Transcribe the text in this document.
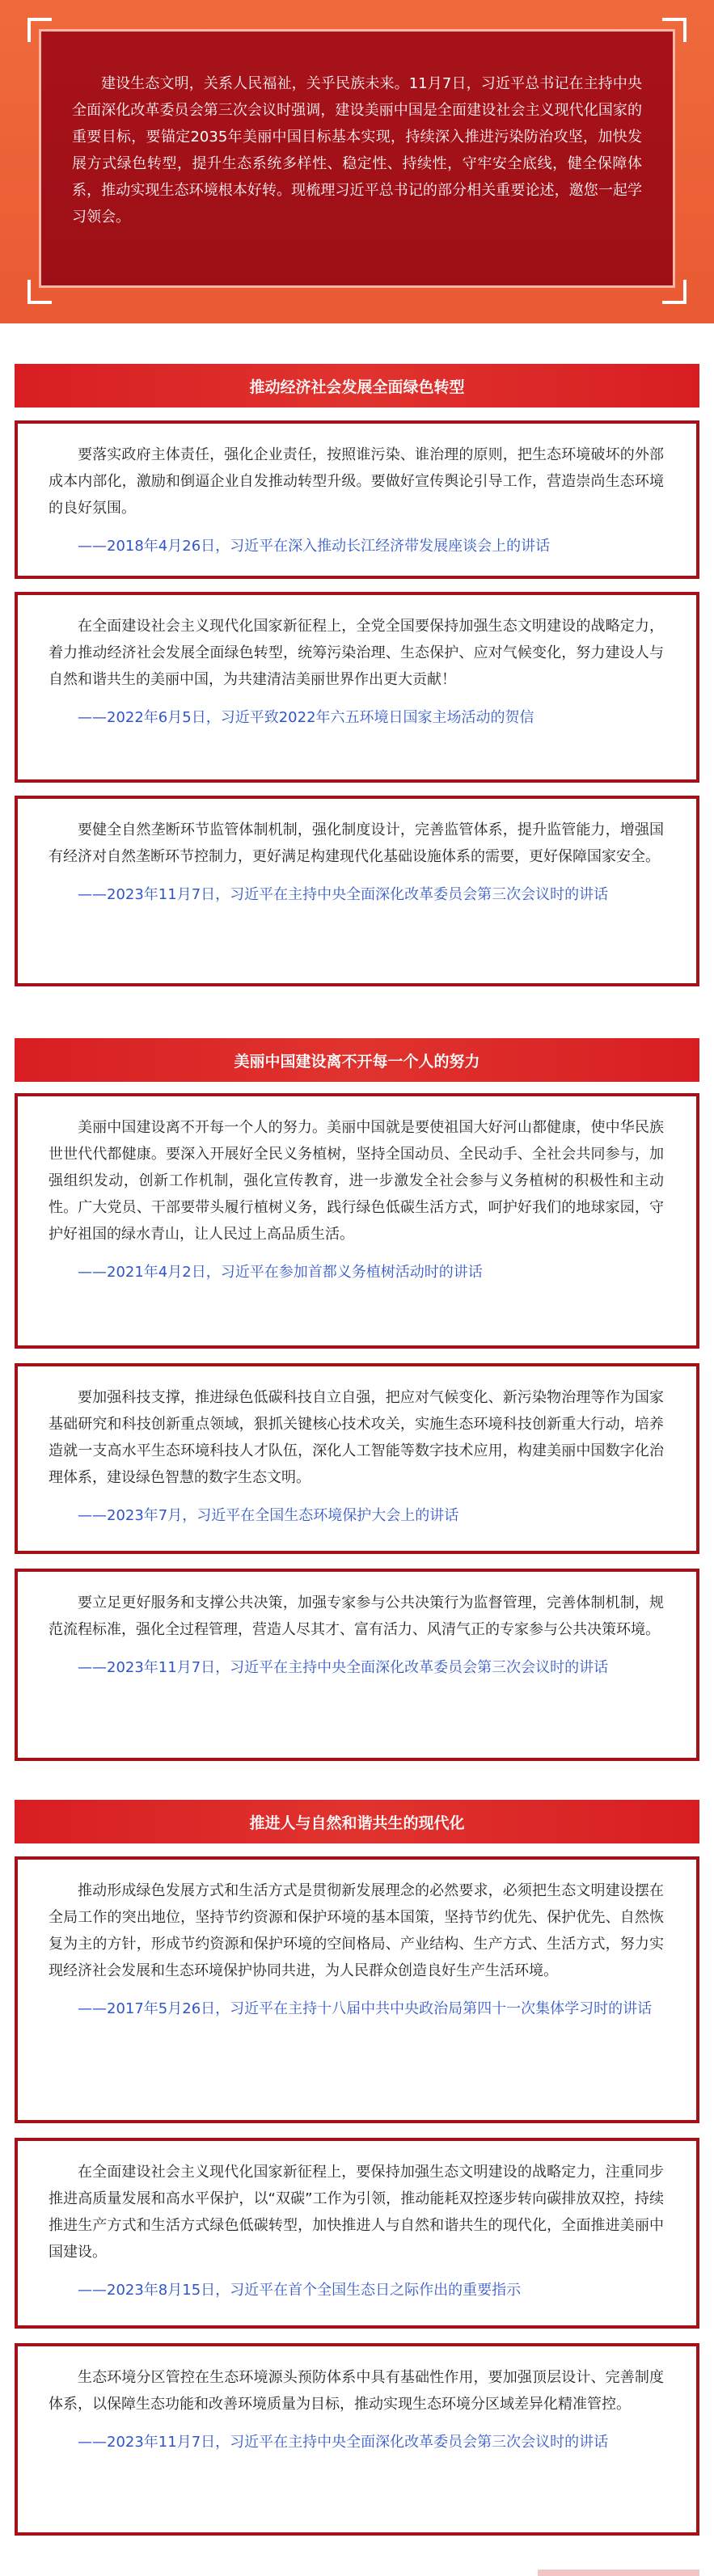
建设生态文明，关系人民福祉，关乎民族未来。11月7日，习近平总书记在主持中央全面深化改革委员会第三次会议时强调，建设美丽中国是全面建设社会主义现代化国家的重要目标，要锚定2035年美丽中国目标基本实现，持续深入推进污染防治攻坚，加快发展方式绿色转型，提升生态系统多样性、稳定性、持续性，守牢安全底线，健全保障体系，推动实现生态环境根本好转。现梳理习近平总书记的部分相关重要论述，邀您一起学习领会。
推动经济社会发展全面绿色转型

要落实政府主体责任，强化企业责任，按照谁污染、谁治理的原则，把生态环境破坏的外部成本内部化，激励和倒逼企业自发推动转型升级。要做好宣传舆论引导工作，营造崇尚生态环境的良好氛围。

——2018年4月26日，习近平在深入推动长江经济带发展座谈会上的讲话

在全面建设社会主义现代化国家新征程上，全党全国要保持加强生态文明建设的战略定力，着力推动经济社会发展全面绿色转型，统筹污染治理、生态保护、应对气候变化，努力建设人与自然和谐共生的美丽中国，为共建清洁美丽世界作出更大贡献！

——2022年6月5日，习近平致2022年六五环境日国家主场活动的贺信

要健全自然垄断环节监管体制机制，强化制度设计，完善监管体系，提升监管能力，增强国有经济对自然垄断环节控制力，更好满足构建现代化基础设施体系的需要，更好保障国家安全。

——2023年11月7日，习近平在主持中央全面深化改革委员会第三次会议时的讲话

美丽中国建设离不开每一个人的努力

美丽中国建设离不开每一个人的努力。美丽中国就是要使祖国大好河山都健康，使中华民族世世代代都健康。要深入开展好全民义务植树，坚持全国动员、全民动手、全社会共同参与，加强组织发动，创新工作机制，强化宣传教育，进一步激发全社会参与义务植树的积极性和主动性。广大党员、干部要带头履行植树义务，践行绿色低碳生活方式，呵护好我们的地球家园，守护好祖国的绿水青山，让人民过上高品质生活。

——2021年4月2日，习近平在参加首都义务植树活动时的讲话

要加强科技支撑，推进绿色低碳科技自立自强，把应对气候变化、新污染物治理等作为国家基础研究和科技创新重点领域，狠抓关键核心技术攻关，实施生态环境科技创新重大行动，培养造就一支高水平生态环境科技人才队伍，深化人工智能等数字技术应用，构建美丽中国数字化治理体系，建设绿色智慧的数字生态文明。

——2023年7月，习近平在全国生态环境保护大会上的讲话

要立足更好服务和支撑公共决策，加强专家参与公共决策行为监督管理，完善体制机制，规范流程标准，强化全过程管理，营造人尽其才、富有活力、风清气正的专家参与公共决策环境。

——2023年11月7日，习近平在主持中央全面深化改革委员会第三次会议时的讲话

推进人与自然和谐共生的现代化

推动形成绿色发展方式和生活方式是贯彻新发展理念的必然要求，必须把生态文明建设摆在全局工作的突出地位，坚持节约资源和保护环境的基本国策，坚持节约优先、保护优先、自然恢复为主的方针，形成节约资源和保护环境的空间格局、产业结构、生产方式、生活方式，努力实现经济社会发展和生态环境保护协同共进，为人民群众创造良好生产生活环境。

——2017年5月26日，习近平在主持十八届中共中央政治局第四十一次集体学习时的讲话

在全面建设社会主义现代化国家新征程上，要保持加强生态文明建设的战略定力，注重同步推进高质量发展和高水平保护，以“双碳”工作为引领，推动能耗双控逐步转向碳排放双控，持续推进生产方式和生活方式绿色低碳转型，加快推进人与自然和谐共生的现代化，全面推进美丽中国建设。

——2023年8月15日，习近平在首个全国生态日之际作出的重要指示

生态环境分区管控在生态环境源头预防体系中具有基础性作用，要加强顶层设计、完善制度体系，以保障生态功能和改善环境质量为目标，推动实现生态环境分区域差异化精准管控。

——2023年11月7日，习近平在主持中央全面深化改革委员会第三次会议时的讲话
